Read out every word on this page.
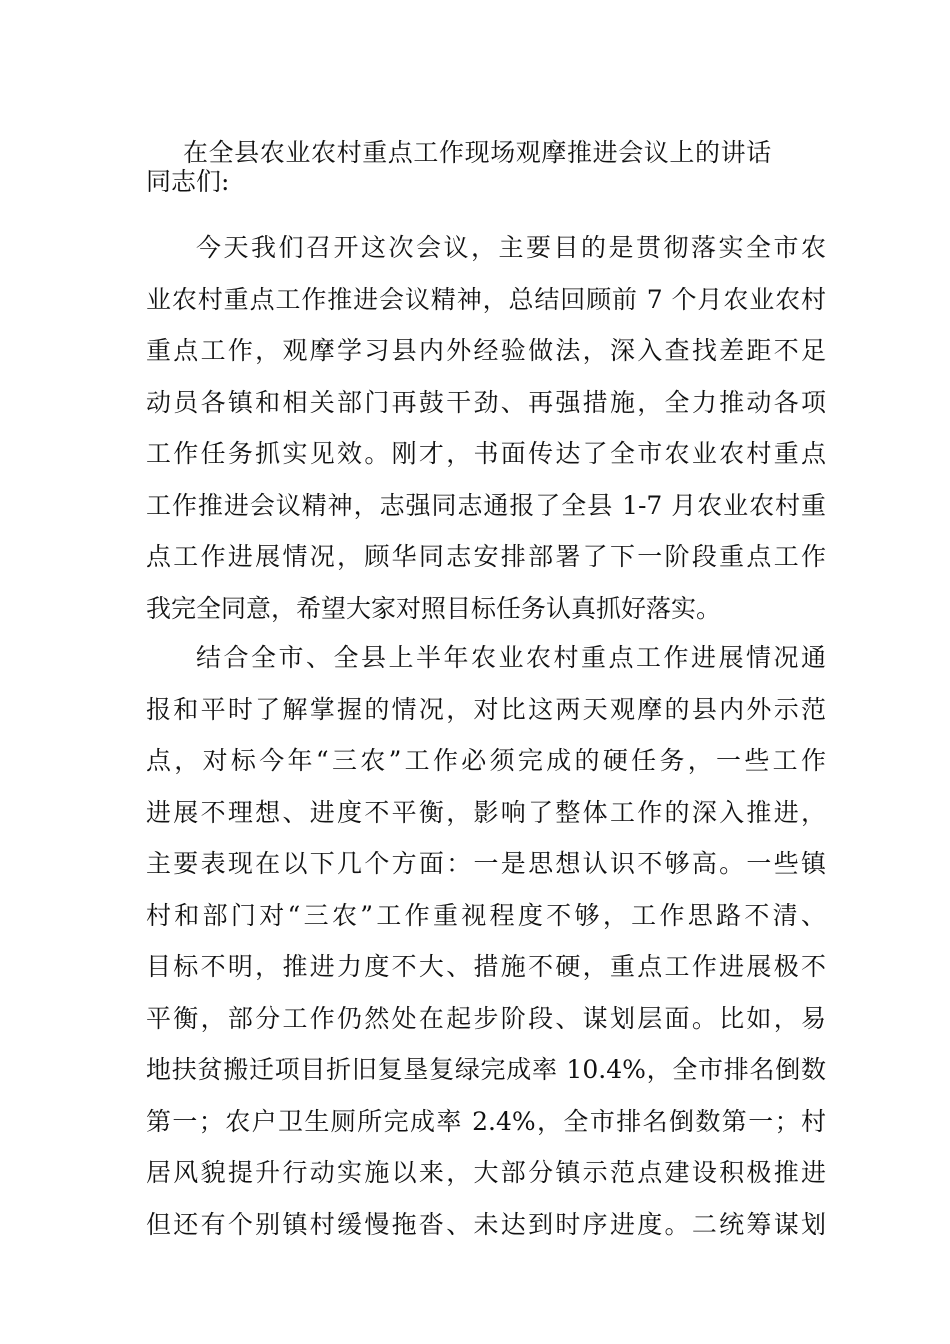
在全县农业农村重点工作现场观摩推进会议上的讲话
同志们:
今天我们召开这次会议，主要目的是贯彻落实全市农
业农村重点工作推进会议精神，总结回顾前 7 个月农业农村
重点工作，观摩学习县内外经验做法，深入查找差距不足
动员各镇和相关部门再鼓干劲、再强措施，全力推动各项
工作任务抓实见效。刚才，书面传达了全市农业农村重点
工作推进会议精神，志强同志通报了全县 1-7 月农业农村重
点工作进展情况，顾华同志安排部署了下一阶段重点工作
我完全同意，希望大家对照目标任务认真抓好落实。
结合全市、全县上半年农业农村重点工作进展情况通
报和平时了解掌握的情况，对比这两天观摩的县内外示范
点，对标今年“三农”工作必须完成的硬任务，一些工作
进展不理想、进度不平衡，影响了整体工作的深入推进，
主要表现在以下几个方面：一是思想认识不够高。一些镇
村和部门对“三农”工作重视程度不够，工作思路不清、
目标不明，推进力度不大、措施不硬，重点工作进展极不
平衡，部分工作仍然处在起步阶段、谋划层面。比如，易
地扶贫搬迁项目折旧复垦复绿完成率 10.4%，全市排名倒数
第一；农户卫生厕所完成率 2.4%，全市排名倒数第一；村
居风貌提升行动实施以来，大部分镇示范点建设积极推进
但还有个别镇村缓慢拖沓、未达到时序进度。二统筹谋划
